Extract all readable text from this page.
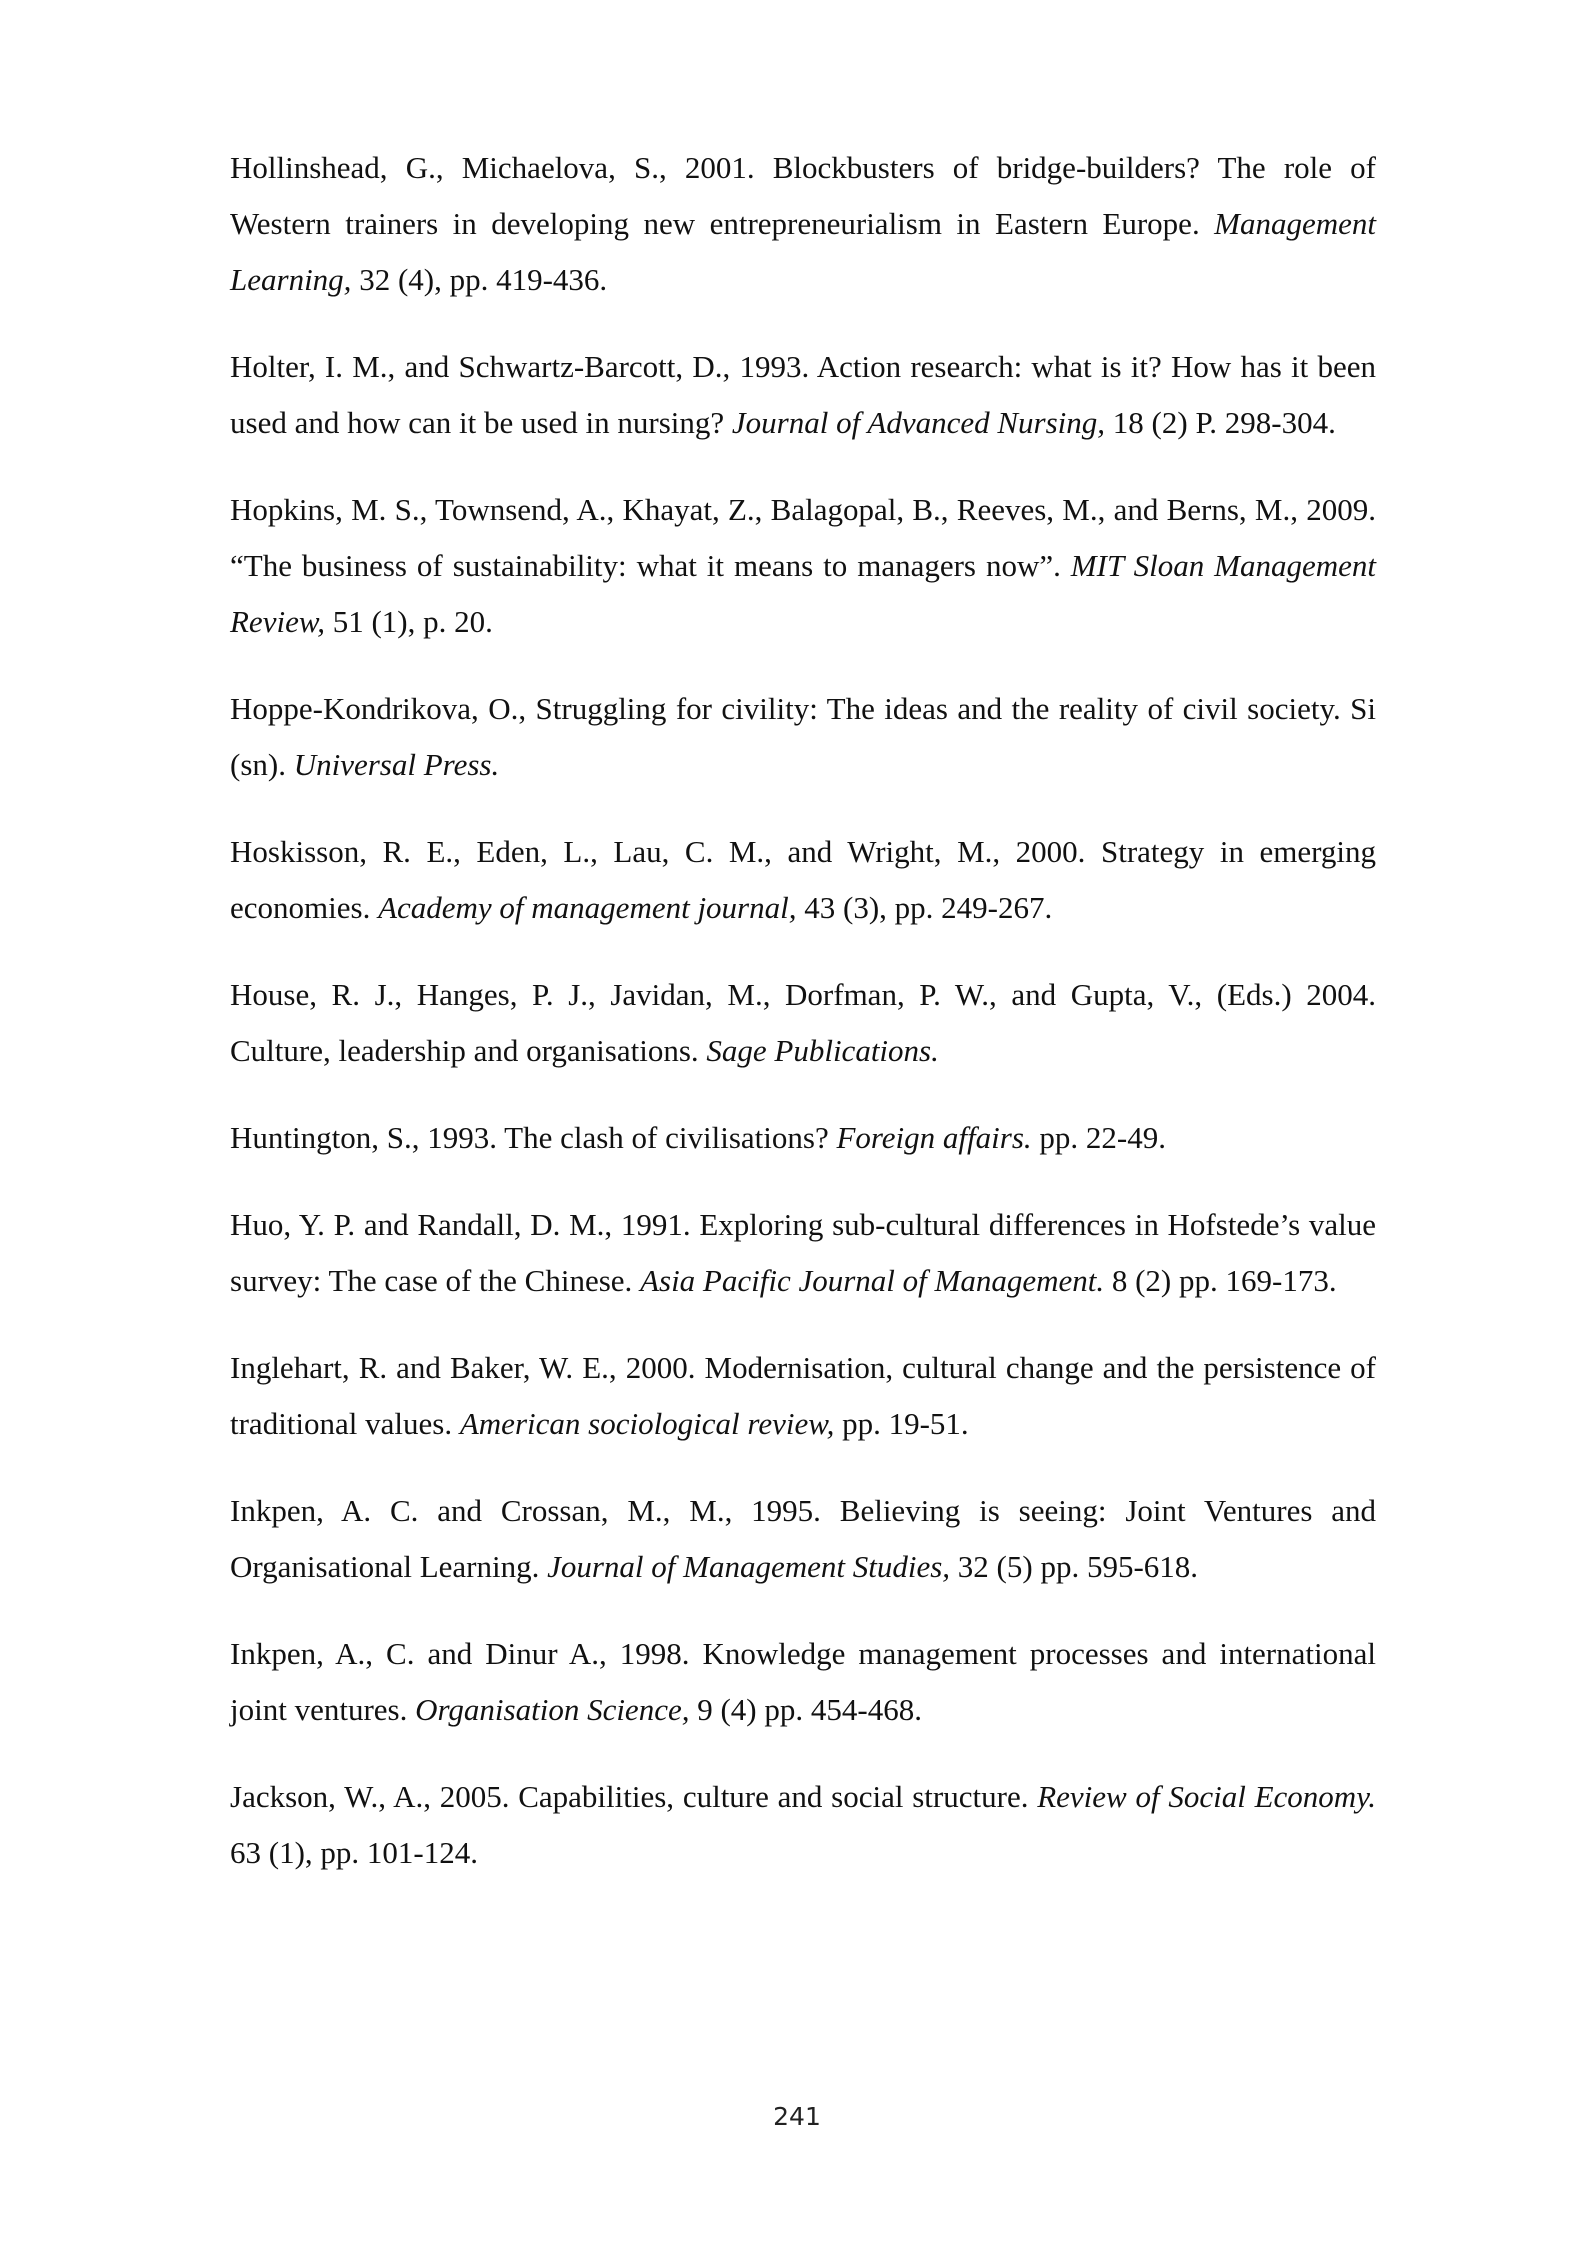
Hollinshead, G., Michaelova, S., 2001. Blockbusters of bridge-builders? The role of Western trainers in developing new entrepreneurialism in Eastern Europe. Management Learning, 32 (4), pp. 419-436.

Holter, I. M., and Schwartz-Barcott, D., 1993. Action research: what is it? How has it been used and how can it be used in nursing? Journal of Advanced Nursing, 18 (2) P. 298-304.

Hopkins, M. S., Townsend, A., Khayat, Z., Balagopal, B., Reeves, M., and Berns, M., 2009. “The business of sustainability: what it means to managers now”. MIT Sloan Management Review, 51 (1), p. 20.

Hoppe-Kondrikova, O., Struggling for civility: The ideas and the reality of civil society. Si (sn). Universal Press.

Hoskisson, R. E., Eden, L., Lau, C. M., and Wright, M., 2000. Strategy in emerging economies. Academy of management journal, 43 (3), pp. 249-267.

House, R. J., Hanges, P. J., Javidan, M., Dorfman, P. W., and Gupta, V., (Eds.) 2004. Culture, leadership and organisations. Sage Publications.

Huntington, S., 1993. The clash of civilisations? Foreign affairs. pp. 22-49.

Huo, Y. P. and Randall, D. M., 1991. Exploring sub-cultural differences in Hofstede’s value survey: The case of the Chinese. Asia Pacific Journal of Management. 8 (2) pp. 169-173.

Inglehart, R. and Baker, W. E., 2000. Modernisation, cultural change and the persistence of traditional values. American sociological review, pp. 19-51.

Inkpen, A. C. and Crossan, M., M., 1995. Believing is seeing: Joint Ventures and Organisational Learning. Journal of Management Studies, 32 (5) pp. 595-618.

Inkpen, A., C. and Dinur A., 1998. Knowledge management processes and international joint ventures. Organisation Science, 9 (4) pp. 454-468.

Jackson, W., A., 2005. Capabilities, culture and social structure. Review of Social Economy. 63 (1), pp. 101-124.

241
